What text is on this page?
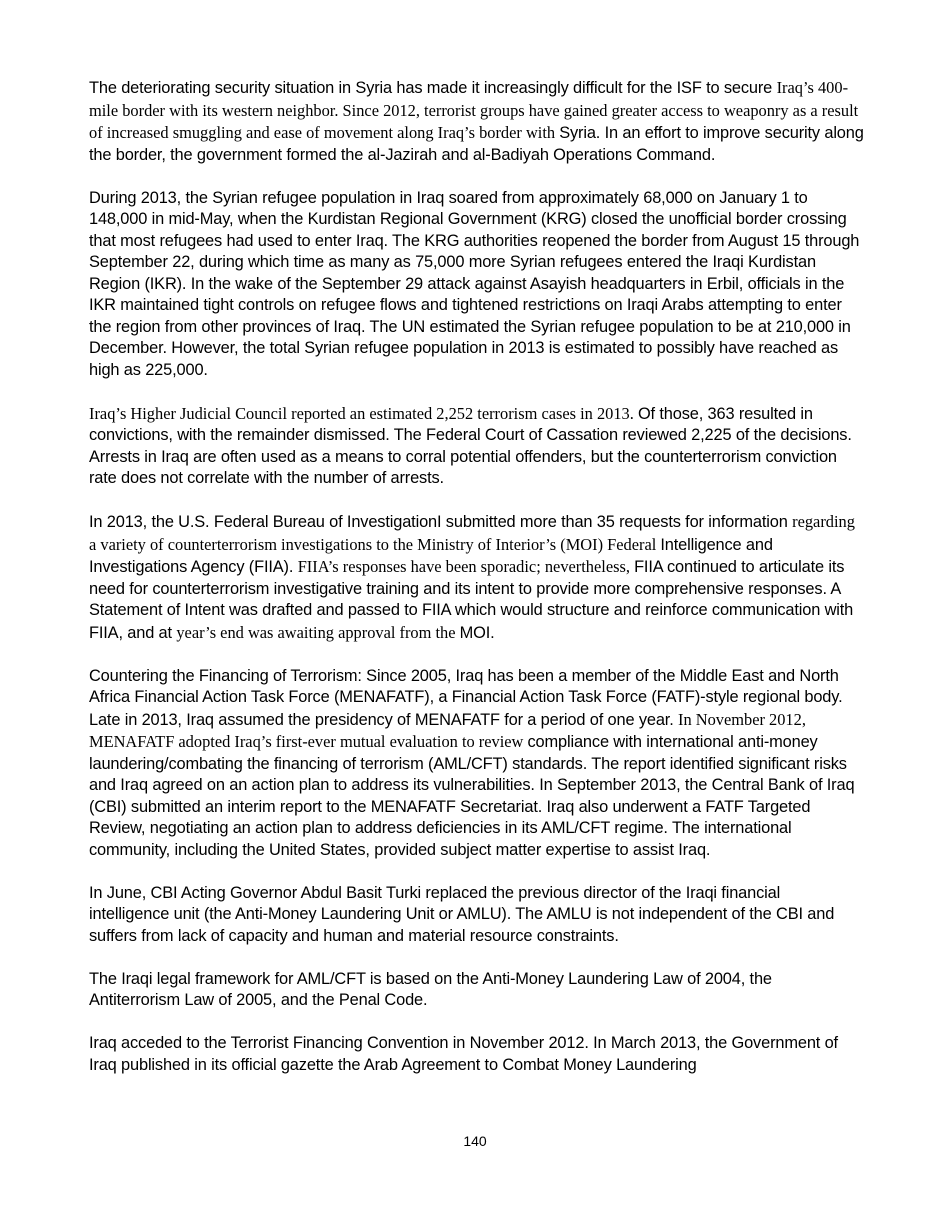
The deteriorating security situation in Syria has made it increasingly difficult for the ISF to secure Iraq’s 400-mile border with its western neighbor. Since 2012, terrorist groups have gained greater access to weaponry as a result of increased smuggling and ease of movement along Iraq’s border with Syria. In an effort to improve security along the border, the government formed the al-Jazirah and al-Badiyah Operations Command.

During 2013, the Syrian refugee population in Iraq soared from approximately 68,000 on January 1 to 148,000 in mid-May, when the Kurdistan Regional Government (KRG) closed the unofficial border crossing that most refugees had used to enter Iraq. The KRG authorities reopened the border from August 15 through September 22, during which time as many as 75,000 more Syrian refugees entered the Iraqi Kurdistan Region (IKR). In the wake of the September 29 attack against Asayish headquarters in Erbil, officials in the IKR maintained tight controls on refugee flows and tightened restrictions on Iraqi Arabs attempting to enter the region from other provinces of Iraq. The UN estimated the Syrian refugee population to be at 210,000 in December. However, the total Syrian refugee population in 2013 is estimated to possibly have reached as high as 225,000.

Iraq’s Higher Judicial Council reported an estimated 2,252 terrorism cases in 2013. Of those, 363 resulted in convictions, with the remainder dismissed. The Federal Court of Cassation reviewed 2,225 of the decisions. Arrests in Iraq are often used as a means to corral potential offenders, but the counterterrorism conviction rate does not correlate with the number of arrests.

In 2013, the U.S. Federal Bureau of InvestigationI submitted more than 35 requests for information regarding a variety of counterterrorism investigations to the Ministry of Interior’s (MOI) Federal Intelligence and Investigations Agency (FIIA). FIIA’s responses have been sporadic; nevertheless, FIIA continued to articulate its need for counterterrorism investigative training and its intent to provide more comprehensive responses. A Statement of Intent was drafted and passed to FIIA which would structure and reinforce communication with FIIA, and at year’s end was awaiting approval from the MOI.

Countering the Financing of Terrorism: Since 2005, Iraq has been a member of the Middle East and North Africa Financial Action Task Force (MENAFATF), a Financial Action Task Force (FATF)-style regional body. Late in 2013, Iraq assumed the presidency of MENAFATF for a period of one year. In November 2012, MENAFATF adopted Iraq’s first-ever mutual evaluation to review compliance with international anti-money laundering/combating the financing of terrorism (AML/CFT) standards. The report identified significant risks and Iraq agreed on an action plan to address its vulnerabilities. In September 2013, the Central Bank of Iraq (CBI) submitted an interim report to the MENAFATF Secretariat. Iraq also underwent a FATF Targeted Review, negotiating an action plan to address deficiencies in its AML/CFT regime. The international community, including the United States, provided subject matter expertise to assist Iraq.

In June, CBI Acting Governor Abdul Basit Turki replaced the previous director of the Iraqi financial intelligence unit (the Anti-Money Laundering Unit or AMLU). The AMLU is not independent of the CBI and suffers from lack of capacity and human and material resource constraints.

The Iraqi legal framework for AML/CFT is based on the Anti-Money Laundering Law of 2004, the Antiterrorism Law of 2005, and the Penal Code.

Iraq acceded to the Terrorist Financing Convention in November 2012. In March 2013, the Government of Iraq published in its official gazette the Arab Agreement to Combat Money Laundering

140
